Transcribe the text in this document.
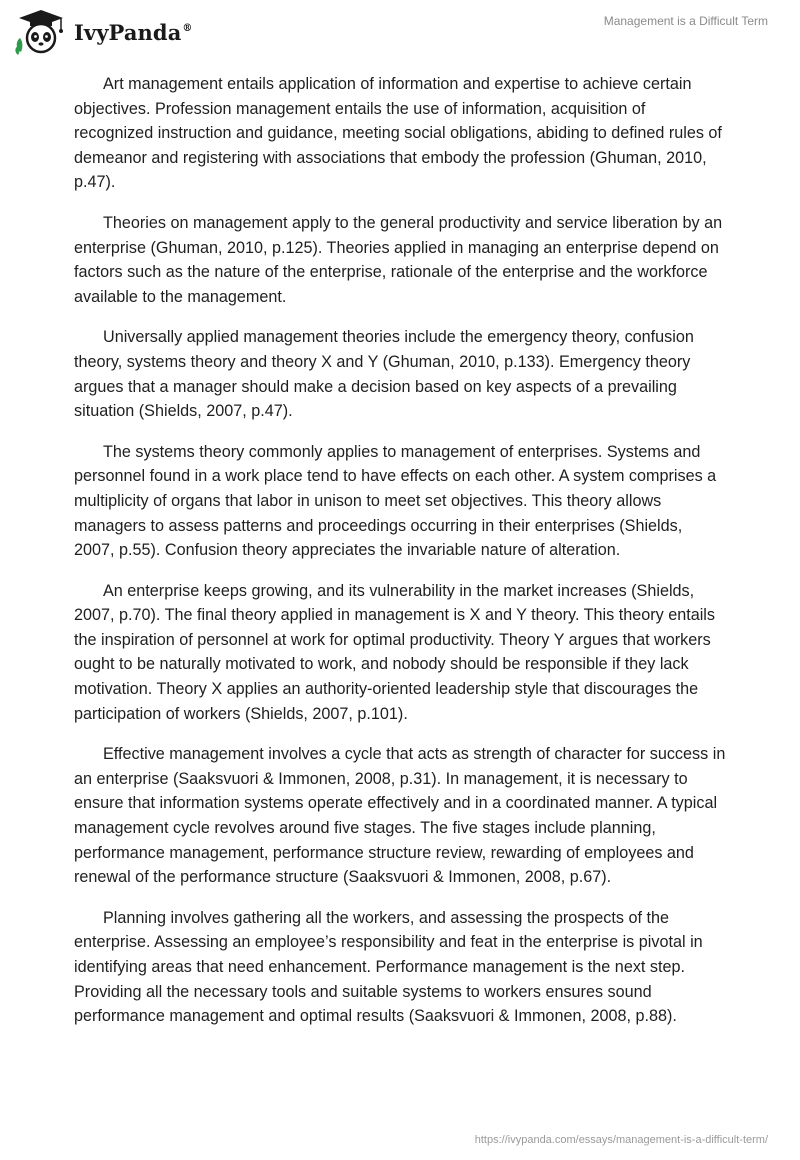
IvyPanda®	Management is a Difficult Term

Art management entails application of information and expertise to achieve certain objectives. Profession management entails the use of information, acquisition of recognized instruction and guidance, meeting social obligations, abiding to defined rules of demeanor and registering with associations that embody the profession (Ghuman, 2010, p.47).

Theories on management apply to the general productivity and service liberation by an enterprise (Ghuman, 2010, p.125). Theories applied in managing an enterprise depend on factors such as the nature of the enterprise, rationale of the enterprise and the workforce available to the management.

Universally applied management theories include the emergency theory, confusion theory, systems theory and theory X and Y (Ghuman, 2010, p.133). Emergency theory argues that a manager should make a decision based on key aspects of a prevailing situation (Shields, 2007, p.47).

The systems theory commonly applies to management of enterprises. Systems and personnel found in a work place tend to have effects on each other. A system comprises a multiplicity of organs that labor in unison to meet set objectives. This theory allows managers to assess patterns and proceedings occurring in their enterprises (Shields, 2007, p.55). Confusion theory appreciates the invariable nature of alteration.

An enterprise keeps growing, and its vulnerability in the market increases (Shields, 2007, p.70). The final theory applied in management is X and Y theory. This theory entails the inspiration of personnel at work for optimal productivity. Theory Y argues that workers ought to be naturally motivated to work, and nobody should be responsible if they lack motivation. Theory X applies an authority-oriented leadership style that discourages the participation of workers (Shields, 2007, p.101).

Effective management involves a cycle that acts as strength of character for success in an enterprise (Saaksvuori & Immonen, 2008, p.31). In management, it is necessary to ensure that information systems operate effectively and in a coordinated manner. A typical management cycle revolves around five stages. The five stages include planning, performance management, performance structure review, rewarding of employees and renewal of the performance structure (Saaksvuori & Immonen, 2008, p.67).

Planning involves gathering all the workers, and assessing the prospects of the enterprise. Assessing an employee’s responsibility and feat in the enterprise is pivotal in identifying areas that need enhancement. Performance management is the next step. Providing all the necessary tools and suitable systems to workers ensures sound performance management and optimal results (Saaksvuori & Immonen, 2008, p.88).

https://ivypanda.com/essays/management-is-a-difficult-term/
